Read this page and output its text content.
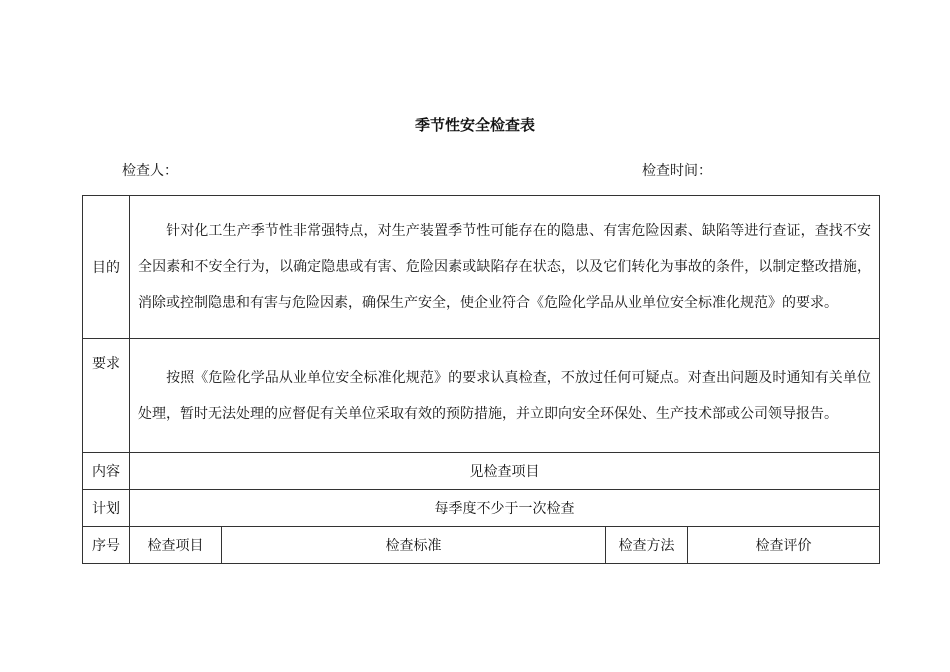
季节性安全检查表
检查人：	检查时间：
目的	针对化工生产季节性非常强特点，对生产装置季节性可能存在的隐患、有害危险因素、缺陷等进行查证，查找不安全因素和不安全行为，以确定隐患或有害、危险因素或缺陷存在状态，以及它们转化为事故的条件，以制定整改措施，消除或控制隐患和有害与危险因素，确保生产安全，使企业符合《危险化学品从业单位安全标准化规范》的要求。			
要求	按照《危险化学品从业单位安全标准化规范》的要求认真检查，不放过任何可疑点。对查出问题及时通知有关单位处理，暂时无法处理的应督促有关单位采取有效的预防措施，并立即向安全环保处、生产技术部或公司领导报告。			
内容	见检查项目			
计划	每季度不少于一次检查			
序号	检查项目	检查标准	检查方法	检查评价
